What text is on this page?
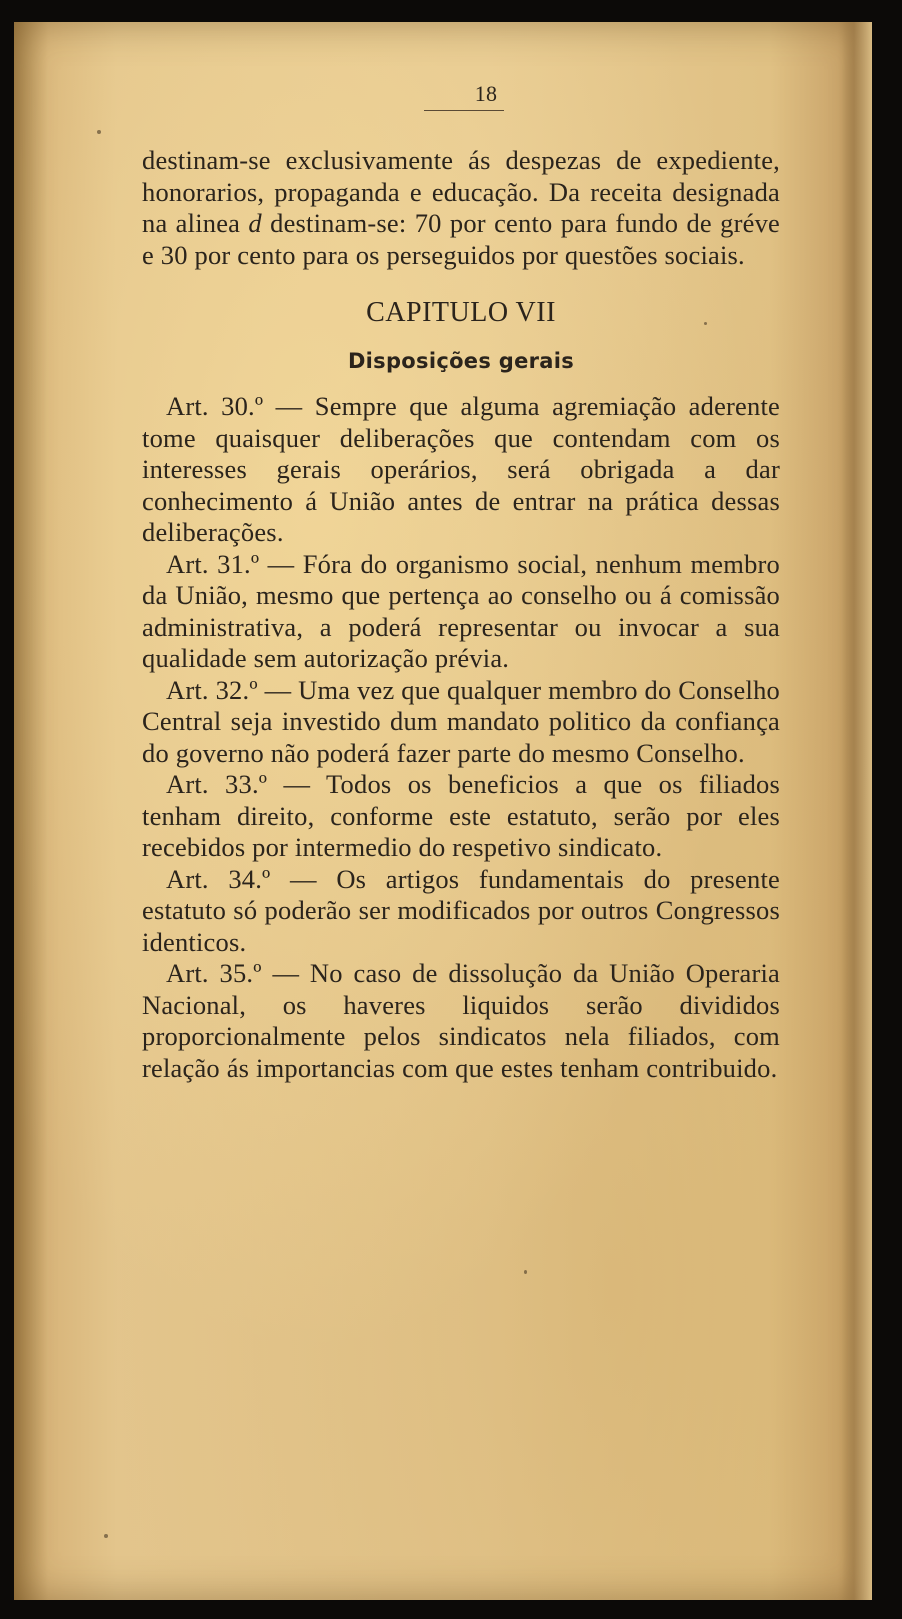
18

destinam-se exclusivamente ás despezas de expediente, honorarios, propaganda e educação. Da receita designada na alinea d destinam-se: 70 por cento para fundo de gréve e 30 por cento para os perseguidos por questões sociais.

CAPITULO VII
Disposições gerais

Art. 30.º — Sempre que alguma agremiação aderente tome quaisquer deliberações que contendam com os interesses gerais operários, será obrigada a dar conhecimento á União antes de entrar na prática dessas deliberações.

Art. 31.º — Fóra do organismo social, nenhum membro da União, mesmo que pertença ao conselho ou á comissão administrativa, a poderá representar ou invocar a sua qualidade sem autorização prévia.

Art. 32.º — Uma vez que qualquer membro do Conselho Central seja investido dum mandato politico da confiança do governo não poderá fazer parte do mesmo Conselho.

Art. 33.º — Todos os beneficios a que os filiados tenham direito, conforme este estatuto, serão por eles recebidos por intermedio do respetivo sindicato.

Art. 34.º — Os artigos fundamentais do presente estatuto só poderão ser modificados por outros Congressos identicos.

Art. 35.º — No caso de dissolução da União Operaria Nacional, os haveres liquidos serão divididos proporcionalmente pelos sindicatos nela filiados, com relação ás importancias com que estes tenham contribuido.
